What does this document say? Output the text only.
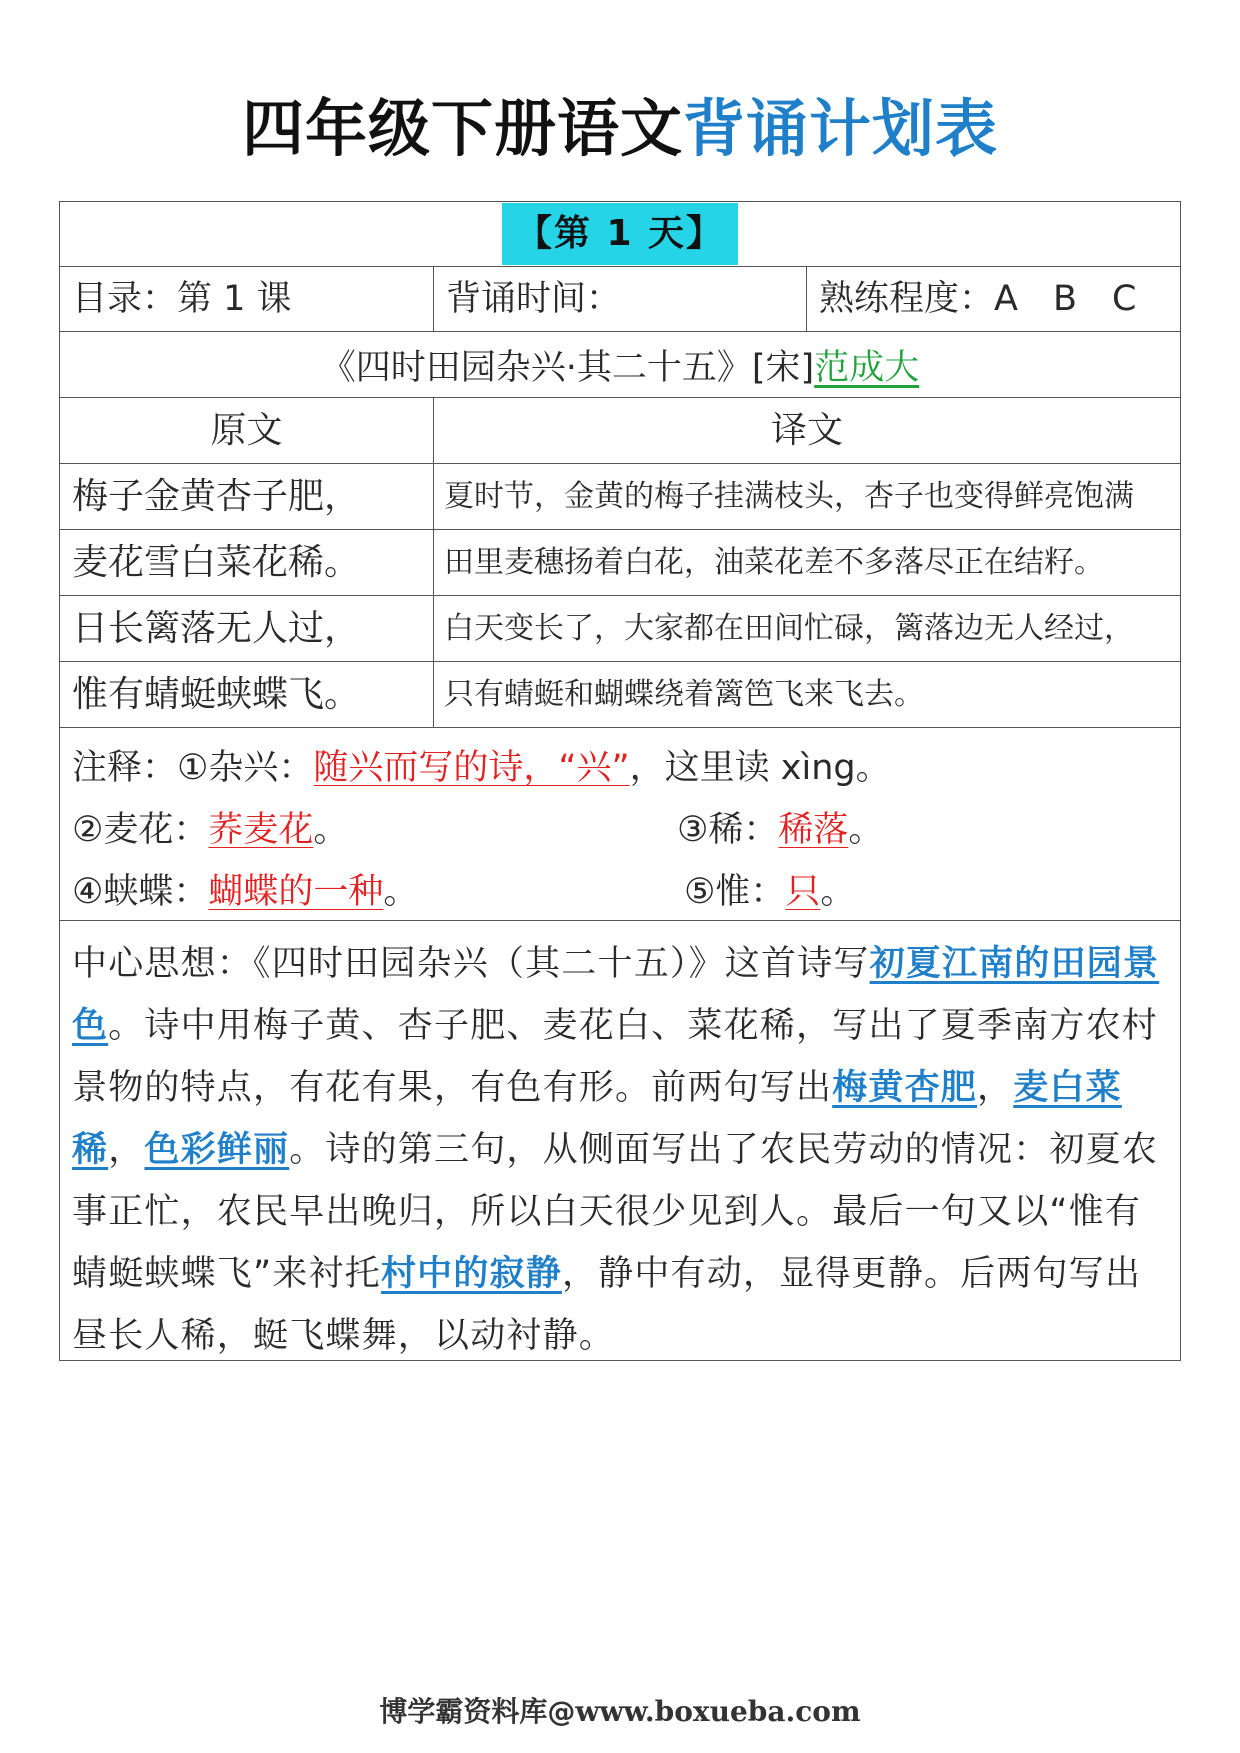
四年级下册语文背诵计划表
【第 1 天】
目录：第 1 课	背诵时间：	熟练程度：A　B　C
《四时田园杂兴·其二十五》[宋] 范成大
原文	译文
梅子金黄杏子肥，	夏时节，金黄的梅子挂满枝头，杏子也变得鲜亮饱满
麦花雪白菜花稀。	田里麦穗扬着白花，油菜花差不多落尽正在结籽。
日长篱落无人过，	白天变长了，大家都在田间忙碌，篱落边无人经过，
惟有蜻蜓蛱蝶飞。	只有蜻蜓和蝴蝶绕着篱笆飞来飞去。
注释：①杂兴： 随兴而写的诗，“兴” ，这里读 xìng。
②麦花： 荞麦花 。	③稀： 稀落 。
④蛱蝶： 蝴蝶的一种 。	⑤惟： 只 。
中心思想：《四时田园杂兴（其二十五）》这首诗写初夏江南的田园景色。诗中用梅子黄、杏子肥、麦花白、菜花稀，写出了夏季南方农村景物的特点，有花有果，有色有形。前两句写出梅黄杏肥，麦白菜稀，色彩鲜丽。诗的第三句，从侧面写出了农民劳动的情况：初夏农事正忙，农民早出晚归，所以白天很少见到人。最后一句又以“惟有蜻蜓蛱蝶飞”来衬托村中的寂静，静中有动，显得更静。后两句写出昼长人稀，蜓飞蝶舞，以动衬静。
博学霸资料库@www.boxueba.com
